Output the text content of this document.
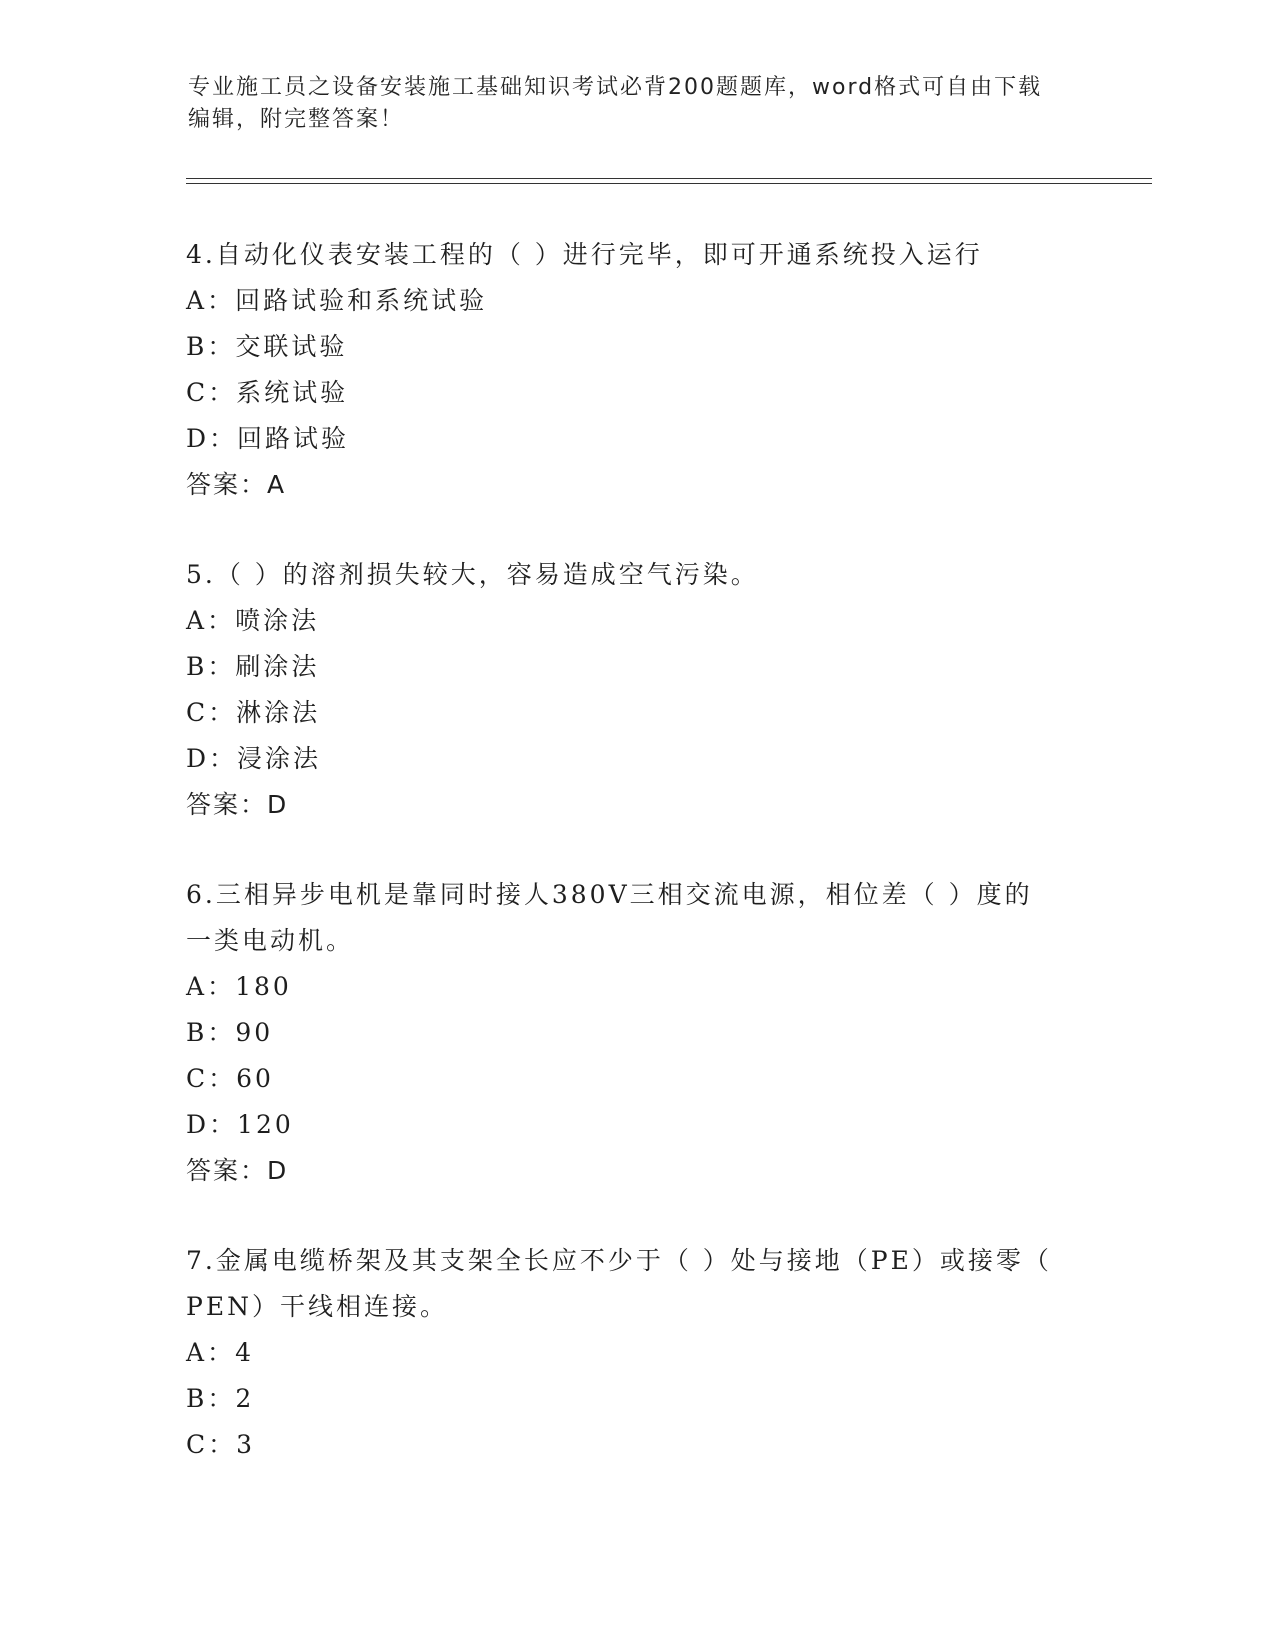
专业施工员之设备安装施工基础知识考试必背200题题库，word格式可自由下载
编辑，附完整答案！
4.自动化仪表安装工程的（ ）进行完毕，即可开通系统投入运行
A： 回路试验和系统试验
B： 交联试验
C： 系统试验
D： 回路试验
答案：A
5.（ ）的溶剂损失较大，容易造成空气污染。
A： 喷涂法
B： 刷涂法
C： 淋涂法
D： 浸涂法
答案：D
6.三相异步电机是靠同时接人380V三相交流电源，相位差（ ）度的
一类电动机。
A： 180
B： 90
C： 60
D： 120
答案：D
7.金属电缆桥架及其支架全长应不少于（ ）处与接地（PE）或接零（
PEN）干线相连接。
A： 4
B： 2
C： 3
